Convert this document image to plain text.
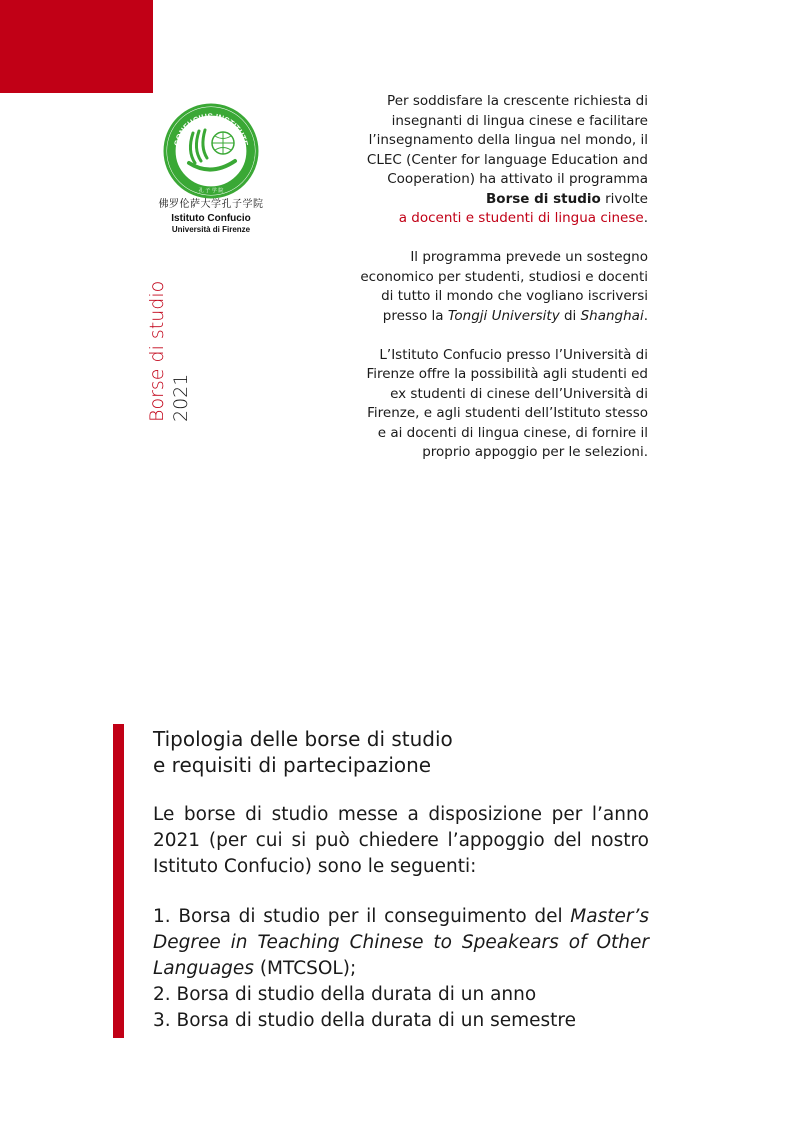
CONFUCIUS INSTITUTE
孔 子 学 院
佛罗伦萨大学孔子学院
Istituto Confucio
Università di Firenze
Borse di studio 2021

Per soddisfare la crescente richiesta di insegnanti di lingua cinese e facilitare l’insegnamento della lingua nel mondo, il CLEC (Center for language Education and Cooperation) ha attivato il programma Borse di studio rivolte
a docenti e studenti di lingua cinese.

Il programma prevede un sostegno economico per studenti, studiosi e docenti di tutto il mondo che vogliano iscriversi presso la Tongji University di Shanghai.

L’Istituto Confucio presso l’Università di Firenze offre la possibilità agli studenti ed ex studenti di cinese dell’Università di Firenze, e agli studenti dell’Istituto stesso e ai docenti di lingua cinese, di fornire il proprio appoggio per le selezioni.

Tipologia delle borse di studio
e requisiti di partecipazione

Le borse di studio messe a disposizione per l’anno 2021 (per cui si può chiedere l’appoggio del nostro Istituto Confucio) sono le seguenti:

1. Borsa di studio per il conseguimento del Master’s Degree in Teaching Chinese to Speakears of Other Languages (MTCSOL);
2. Borsa di studio della durata di un anno
3. Borsa di studio della durata di un semestre
